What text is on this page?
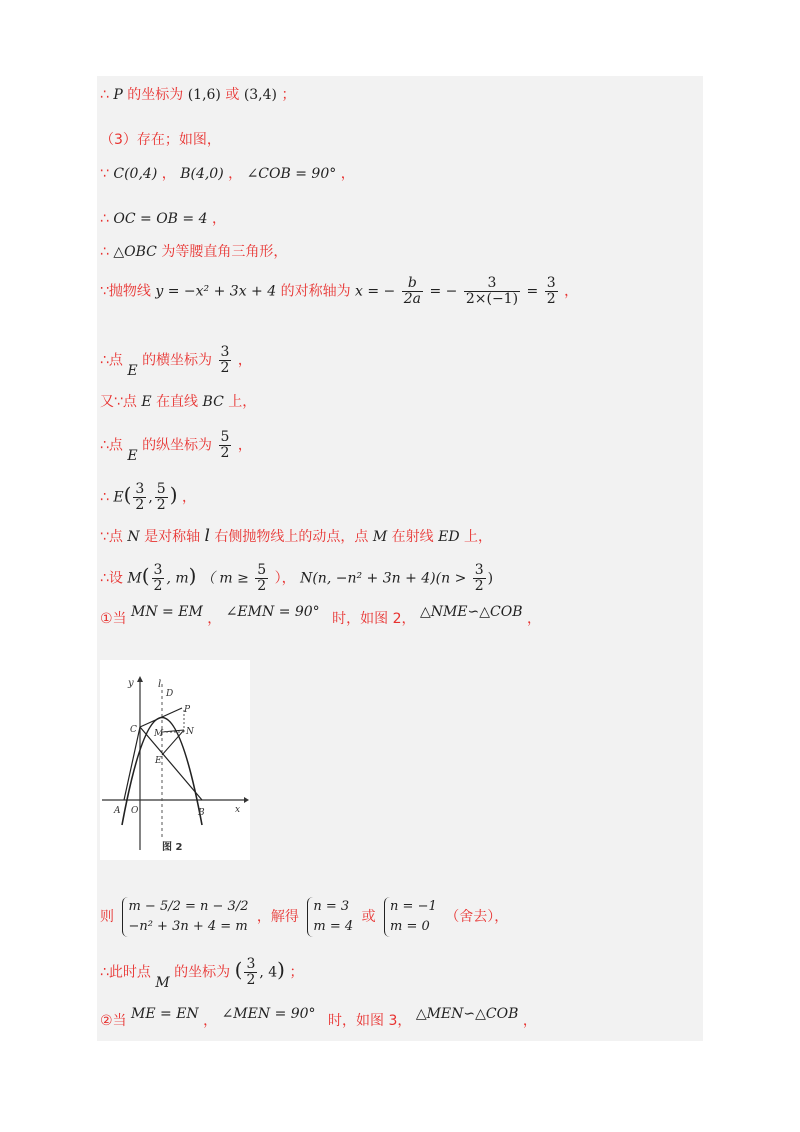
∴ P 的坐标为 (1,6) 或 (3,4) ；
（3）存在；如图，
∵ C(0,4) ， B(4,0) ， ∠COB = 90° ，
∴ OC = OB = 4 ，
∴ △OBC 为等腰直角三角形，
∵抛物线 y = −x² + 3x + 4 的对称轴为 x = − $\frac{b}{2a}$ = − $\frac{3}{2\times(-1)} = \frac{3}{2}$ ，
∴点 E 的横坐标为 $\frac{3}{2}$ ，
又∵点 E 在直线 BC 上，
∴点 E 的纵坐标为 $\frac{5}{2}$ ，
∴ $E( \frac{3}{2}$ , $\frac{5}{2}$ ) ，
∵点 N 是对称轴 l 右侧抛物线上的动点，点 M 在射线 ED 上，
∴设 $M( \frac{3}{2}$ , m) （ $m \ge \frac{5}{2}$ ）， N(n, $-n^2 + 3n + 4)(n > \frac{3}{2}$ )
①当 MN = EM ， ∠EMN = 90° 时，如图 2， △NME∽△COB ，
y l
D
P
C M	N
E
A O	B	x
图 2
则
m − 5/2 = n − 3/2
−n² + 3n + 4 = m
，解得
n = 3
m = 4
或
n = −1
m = 0
（舍去），
∴此时点 M 的坐标为 ( $\frac{3}{2}$ , 4) ；
②当 ME = EN ， ∠MEN = 90° 时，如图 3， △MEN∽△COB ，
